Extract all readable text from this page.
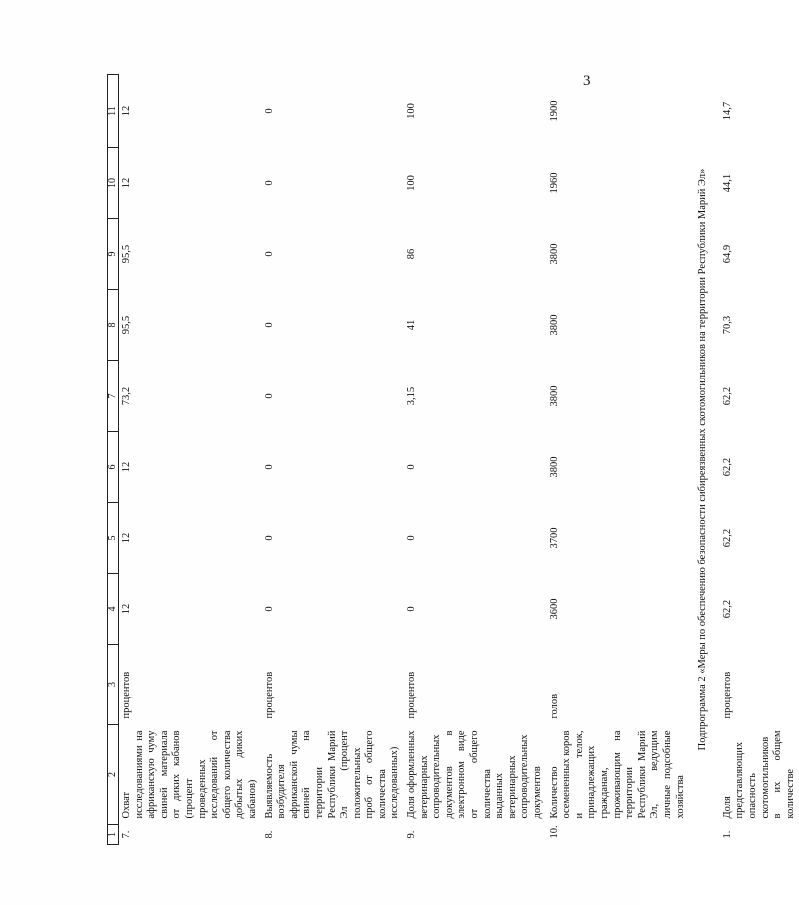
3
1	2	3	4	5	6	7	8	9	10	11
7.	Охват исследованиями на африканскую чуму свиней материала от диких кабанов (процент проведенных исследований от общего количества добытых диких кабанов)	процентов	12	12	12	73,2	95,5	95,5	12	12
8.	Выявляемость возбудителя африканской чумы свиней на территории Республики Марий Эл (процент положительных проб от общего количества исследованных)	процентов	0	0	0	0	0	0	0	0
9.	Доля оформленных ветеринарных сопроводительных документов в электронном виде от общего количества выданных ветеринарных сопроводительных документов	процентов	0	0	0	3,15	41	86	100	100
10.	Количество осемененных коров и телок, принадлежащих гражданам, проживающим на территории Республики Марий Эл, ведущим личные подсобные хозяйства	голов	3600	3700	3800	3800	3800	3800	1960	1900
Подпрограмма 2 «Меры по обеспечению безопасности сибиреязвенных скотомогильников на территории Республики Марий Эл»										
1.	Доля представляющих опасность скотомогильников в их общем количестве	процентов	62,2	62,2	62,2	62,2	70,3	64,9	44,1	14,7
